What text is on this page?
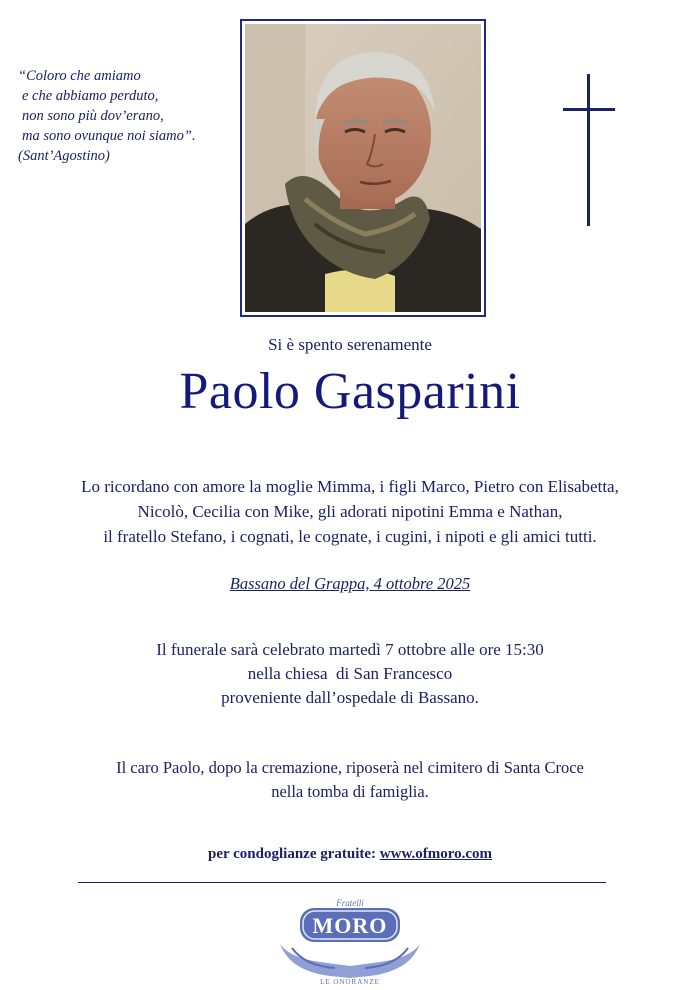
“Coloro che amiamo
e che abbiamo perduto,
non sono più dov’erano,
ma sono ovunque noi siamo”.
(Sant’Agostino)
Si è spento serenamente
Paolo Gasparini
Lo ricordano con amore la moglie Mimma, i figli Marco, Pietro con Elisabetta,
Nicolò, Cecilia con Mike, gli adorati nipotini Emma e Nathan,
il fratello Stefano, i cognati, le cognate, i cugini, i nipoti e gli amici tutti.
Bassano del Grappa, 4 ottobre 2025
Il funerale sarà celebrato martedì 7 ottobre alle ore 15:30
nella chiesa  di San Francesco
proveniente dall’ospedale di Bassano.
Il caro Paolo, dopo la cremazione, riposerà nel cimitero di Santa Croce
nella tomba di famiglia.
per condoglianze gratuite: www.ofmoro.com
Fratelli
MORO
LE ONORANZE
